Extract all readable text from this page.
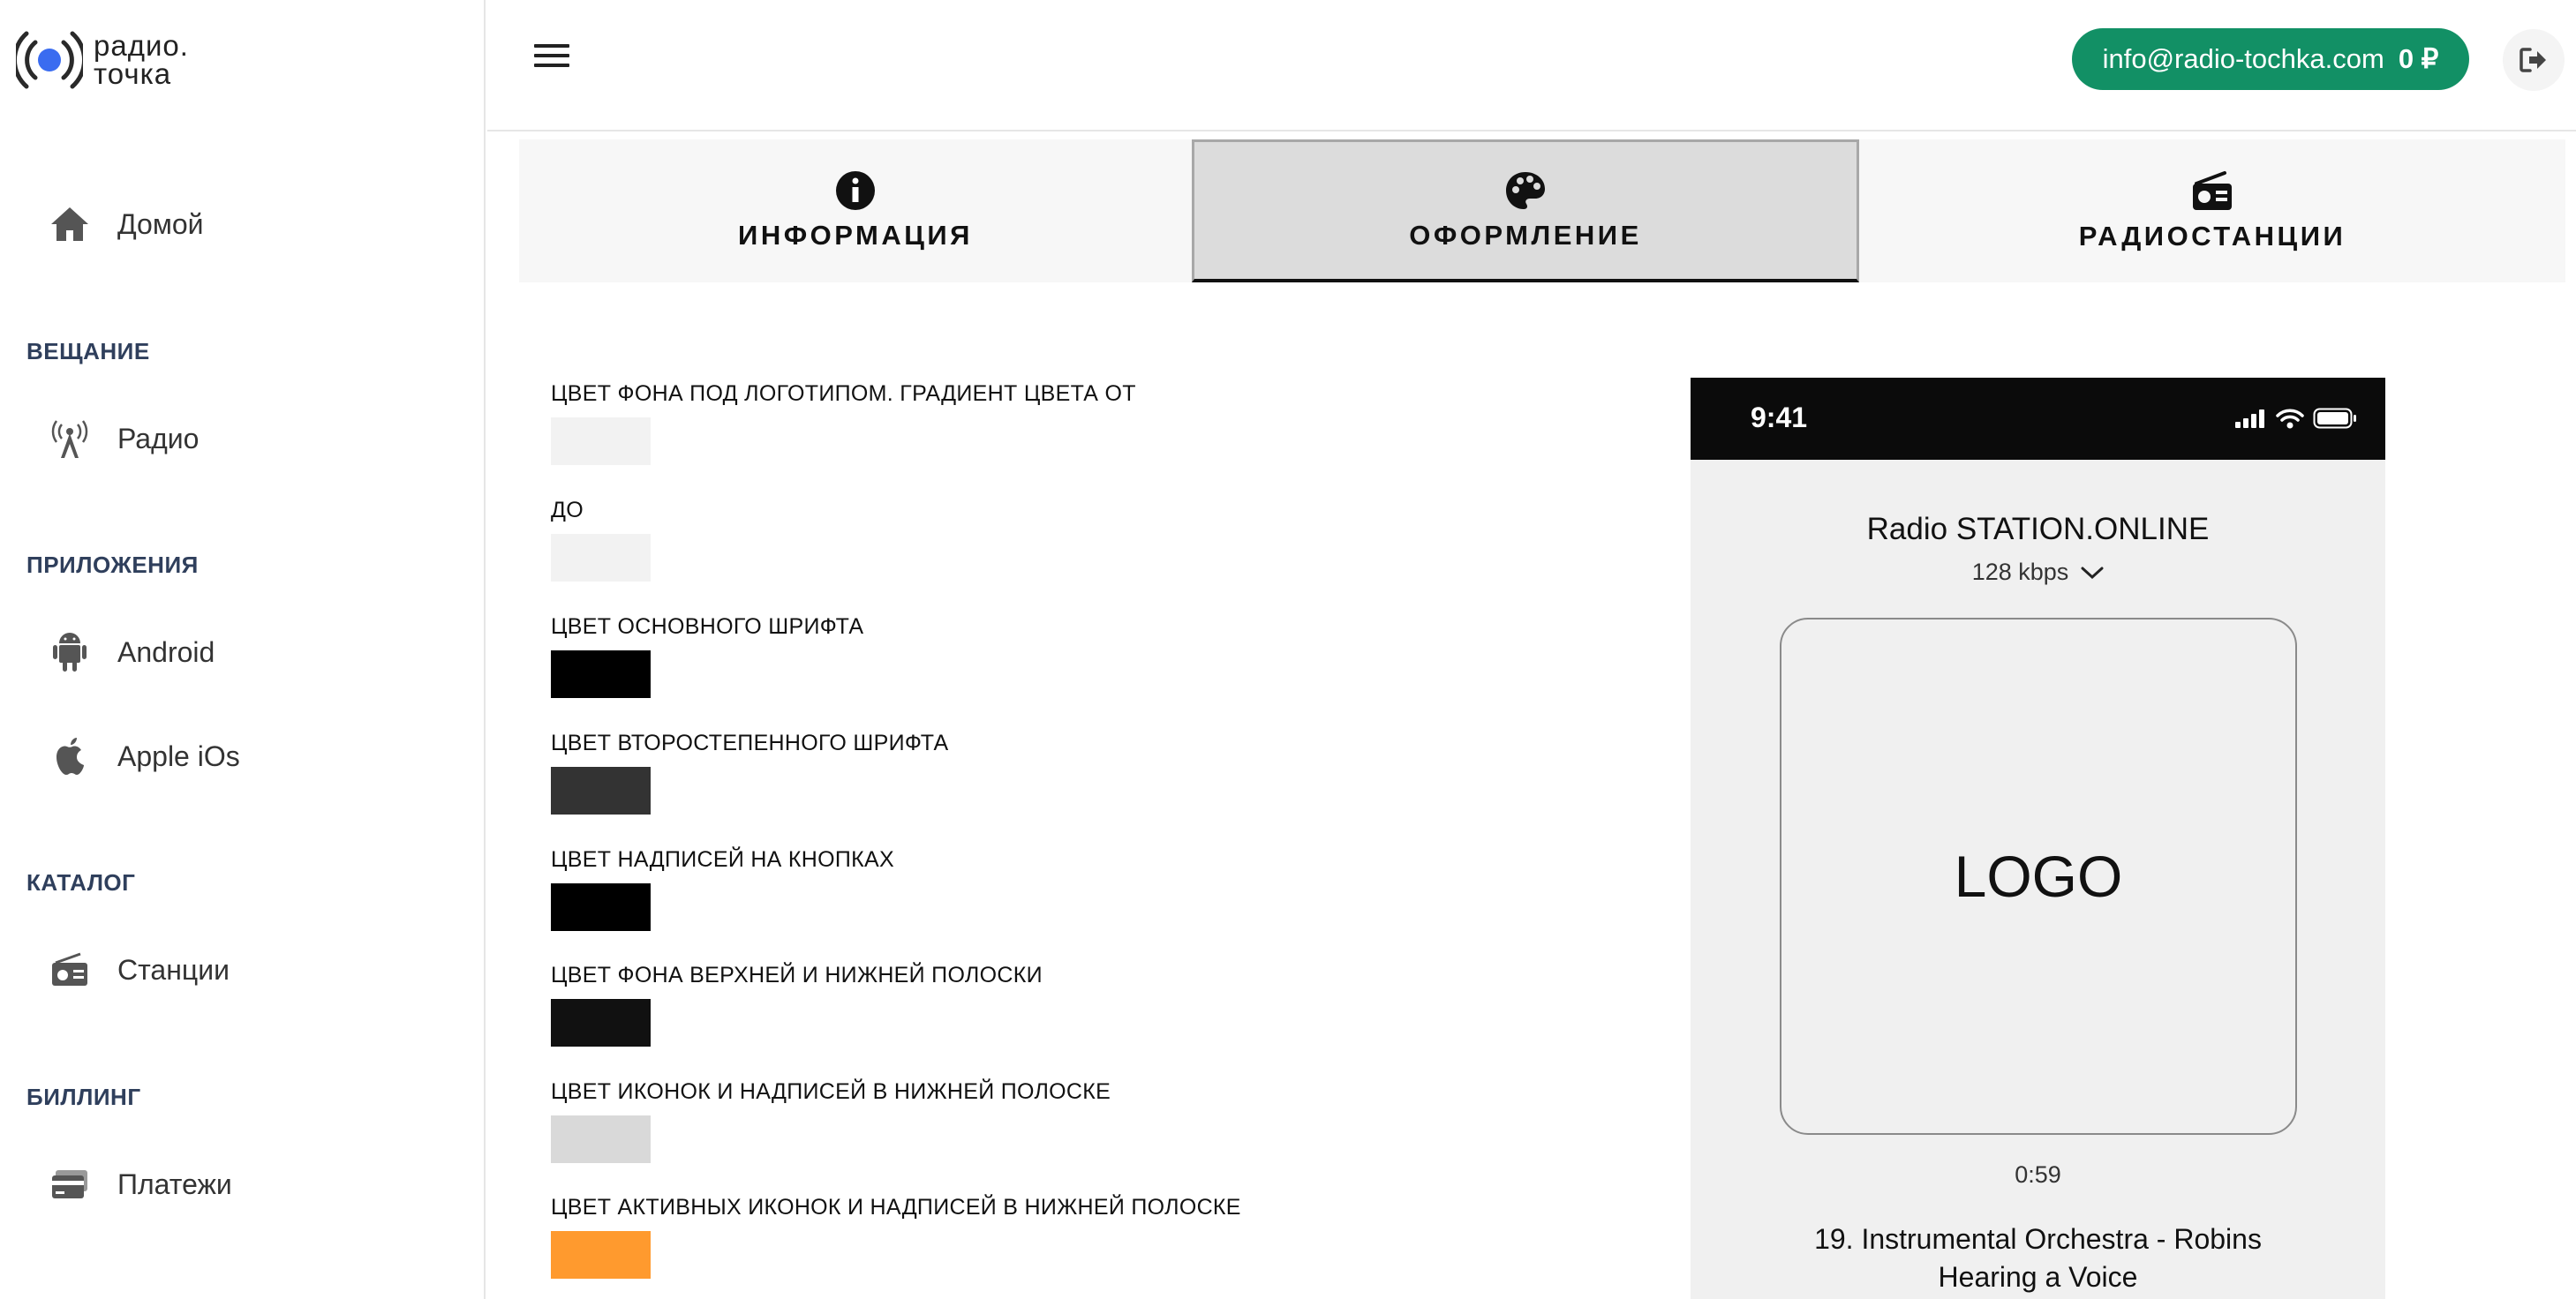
радио.
точка
Домой
ВЕЩАНИЕ
Радио
ПРИЛОЖЕНИЯ
Android
Apple iOs
КАТАЛОГ
Станции
БИЛЛИНГ
Платежи
info@radio-tochka.com 0 ₽
ИНФОРМАЦИЯ	ОФОРМЛЕНИЕ	РАДИОСТАНЦИИ
ЦВЕТ ФОНА ПОД ЛОГОТИПОМ. ГРАДИЕНТ ЦВЕТА ОТ
ДО
ЦВЕТ ОСНОВНОГО ШРИФТА
ЦВЕТ ВТОРОСТЕПЕННОГО ШРИФТА
ЦВЕТ НАДПИСЕЙ НА КНОПКАХ
ЦВЕТ ФОНА ВЕРХНЕЙ И НИЖНЕЙ ПОЛОСКИ
ЦВЕТ ИКОНОК И НАДПИСЕЙ В НИЖНЕЙ ПОЛОСКЕ
ЦВЕТ АКТИВНЫХ ИКОНОК И НАДПИСЕЙ В НИЖНЕЙ ПОЛОСКЕ
9:41
Radio STATION.ONLINE
128 kbps
LOGO
0:59
19. Instrumental Orchestra - Robins
Hearing a Voice
